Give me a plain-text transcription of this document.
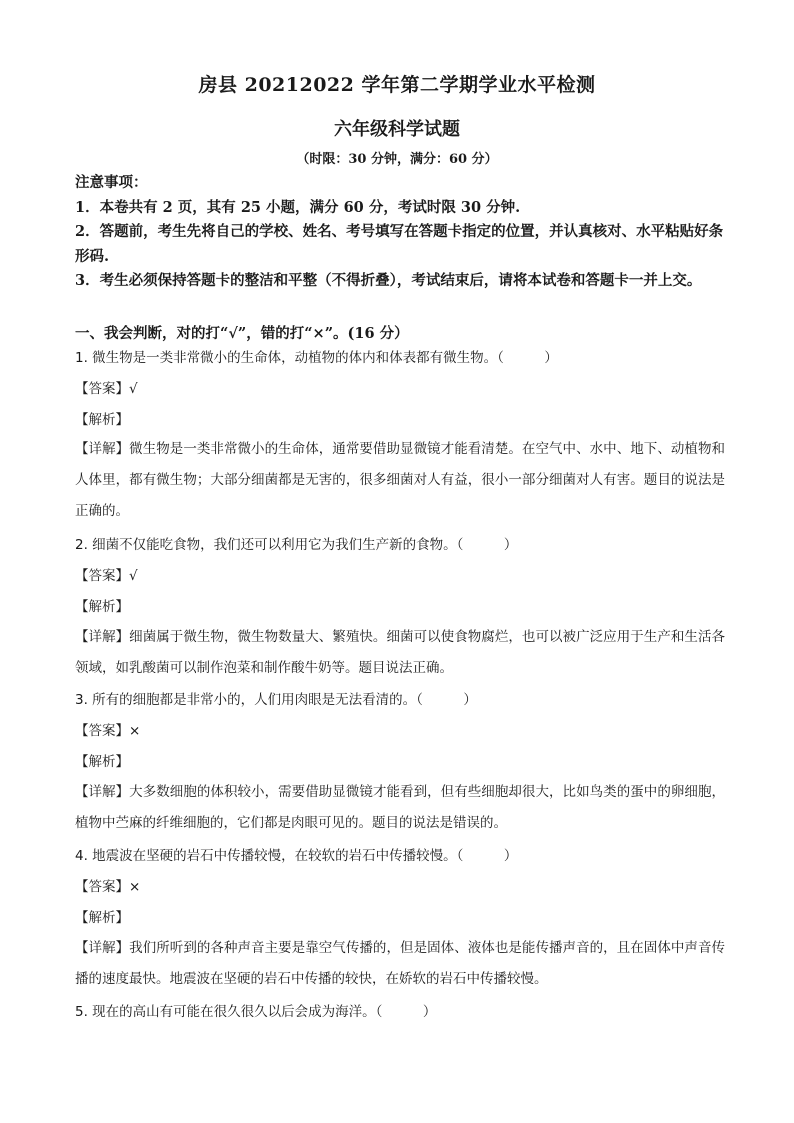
房县 20212022 学年第二学期学业水平检测
六年级科学试题
（时限：30 分钟，满分：60 分）
注意事项：
1．本卷共有 2 页，其有 25 小题，满分 60 分，考试时限 30 分钟.
2．答题前，考生先将自己的学校、姓名、考号填写在答题卡指定的位置，并认真核对、水平粘贴好条形码.
3．考生必须保持答题卡的整洁和平整（不得折叠），考试结束后，请将本试卷和答题卡一并上交。
一、我会判断，对的打“√”，错的打“×”。(16 分）
1. 微生物是一类非常微小的生命体，动植物的体内和体表都有微生物。（　　　）
【答案】√
【解析】
【详解】微生物是一类非常微小的生命体，通常要借助显微镜才能看清楚。在空气中、水中、地下、动植物和人体里，都有微生物；大部分细菌都是无害的，很多细菌对人有益，很小一部分细菌对人有害。题目的说法是正确的。
2. 细菌不仅能吃食物，我们还可以利用它为我们生产新的食物。（　　　）
【答案】√
【解析】
【详解】细菌属于微生物，微生物数量大、繁殖快。细菌可以使食物腐烂，也可以被广泛应用于生产和生活各领域，如乳酸菌可以制作泡菜和制作酸牛奶等。题目说法正确。
3. 所有的细胞都是非常小的，人们用肉眼是无法看清的。（　　　）
【答案】×
【解析】
【详解】大多数细胞的体积较小，需要借助显微镜才能看到，但有些细胞却很大，比如鸟类的蛋中的卵细胞，植物中苎麻的纤维细胞的，它们都是肉眼可见的。题目的说法是错误的。
4. 地震波在坚硬的岩石中传播较慢，在较软的岩石中传播较慢。（　　　）
【答案】×
【解析】
【详解】我们所听到的各种声音主要是靠空气传播的，但是固体、液体也是能传播声音的，且在固体中声音传播的速度最快。地震波在坚硬的岩石中传播的较快，在娇软的岩石中传播较慢。
5. 现在的高山有可能在很久很久以后会成为海洋。（　　　）
